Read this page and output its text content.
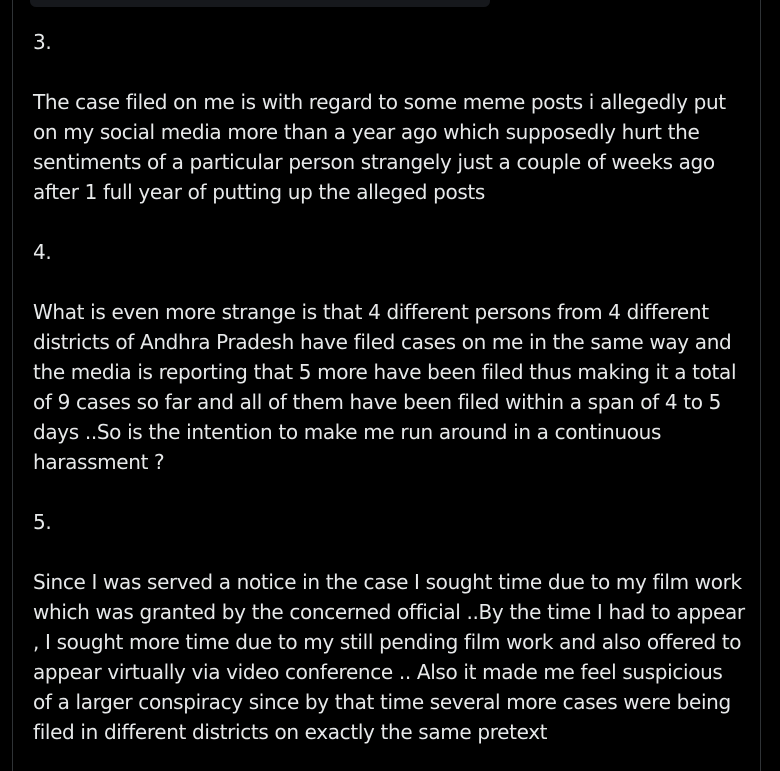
3.

The case filed on me is with regard to some meme posts i allegedly put on my social media more than a year ago which supposedly hurt the sentiments of a particular person strangely just a couple of weeks ago after 1 full year of putting up the alleged posts

4.

What is even more strange is that 4 different persons from 4 different districts of Andhra Pradesh have filed cases on me in the same way and the media is reporting that 5 more have been filed thus making it a total of 9 cases so far and all of them have been filed within a span of 4 to 5 days ..So is the intention to make me run around in a continuous harassment ?

5.

Since I was served a notice in the case I sought time due to my film work which was granted by the concerned official ..By the time I had to appear , I sought more time due to my still pending film work and also offered to appear virtually via video conference .. Also it made me feel suspicious of a larger conspiracy since by that time several more cases were being filed in different districts on exactly the same pretext
